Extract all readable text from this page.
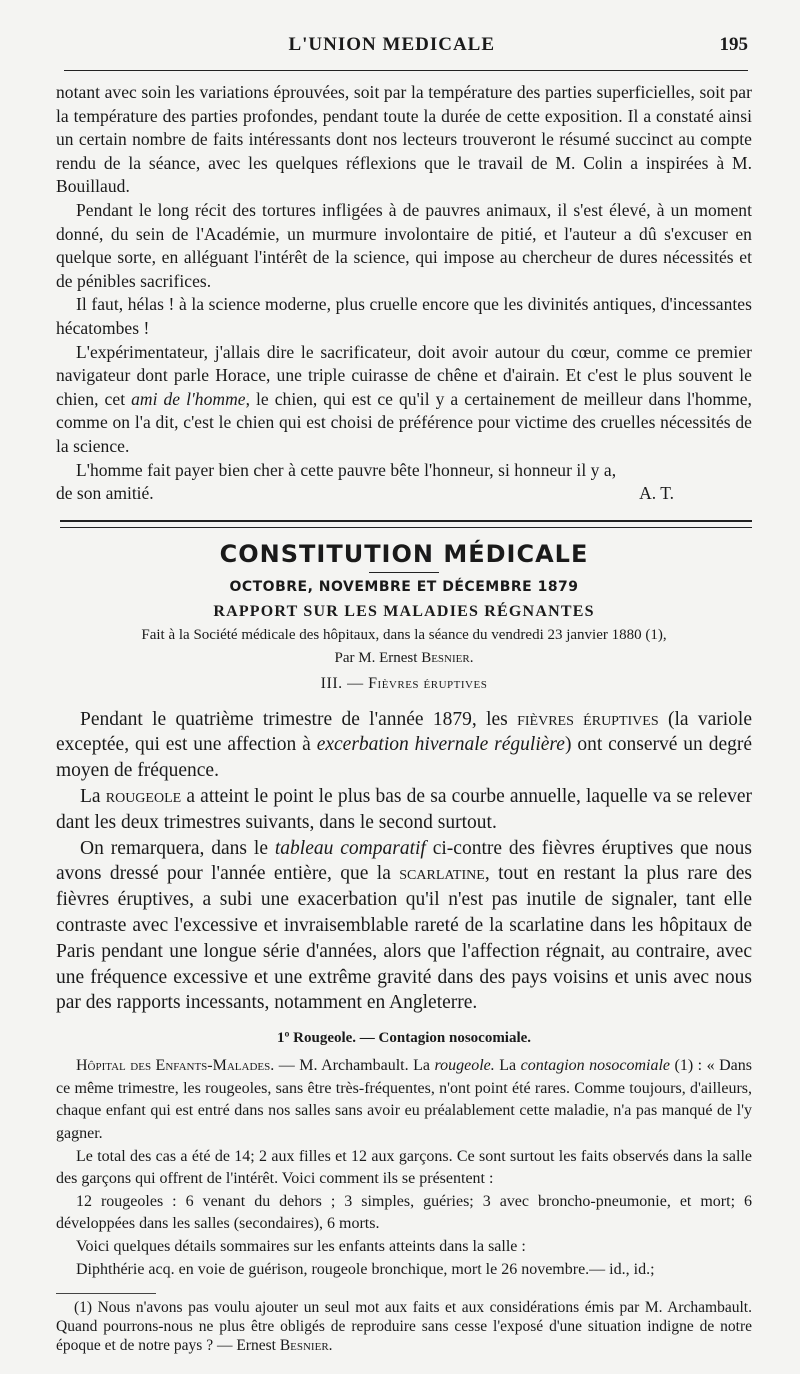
L'UNION MEDICALE	195

notant avec soin les variations éprouvées, soit par la température des parties superficielles, soit par la température des parties profondes, pendant toute la durée de cette exposition. Il a constaté ainsi un certain nombre de faits intéressants dont nos lecteurs trouveront le résumé succinct au compte rendu de la séance, avec les quelques réflexions que le travail de M. Colin a inspirées à M. Bouillaud.

Pendant le long récit des tortures infligées à de pauvres animaux, il s'est élevé, à un moment donné, du sein de l'Académie, un murmure involontaire de pitié, et l'auteur a dû s'excuser en quelque sorte, en alléguant l'intérêt de la science, qui impose au chercheur de dures nécessités et de pénibles sacrifices.

Il faut, hélas ! à la science moderne, plus cruelle encore que les divinités antiques, d'incessantes hécatombes !

L'expérimentateur, j'allais dire le sacrificateur, doit avoir autour du cœur, comme ce premier navigateur dont parle Horace, une triple cuirasse de chêne et d'airain. Et c'est le plus souvent le chien, cet ami de l'homme, le chien, qui est ce qu'il y a certainement de meilleur dans l'homme, comme on l'a dit, c'est le chien qui est choisi de préférence pour victime des cruelles nécessités de la science.

L'homme fait payer bien cher à cette pauvre bête l'honneur, si honneur il y a,

de son amitié.	A. T.
CONSTITUTION MÉDICALE
OCTOBRE, NOVEMBRE ET DÉCEMBRE 1879
RAPPORT SUR LES MALADIES RÉGNANTES
Fait à la Société médicale des hôpitaux, dans la séance du vendredi 23 janvier 1880 (1),
Par M. Ernest Besnier.
III. — Fièvres éruptives

Pendant le quatrième trimestre de l'année 1879, les fièvres éruptives (la variole exceptée, qui est une affection à excerbation hivernale régulière) ont conservé un degré moyen de fréquence.

La rougeole a atteint le point le plus bas de sa courbe annuelle, laquelle va se relever dant les deux trimestres suivants, dans le second surtout.

On remarquera, dans le tableau comparatif ci-contre des fièvres éruptives que nous avons dressé pour l'année entière, que la scarlatine, tout en restant la plus rare des fièvres éruptives, a subi une exacerbation qu'il n'est pas inutile de signaler, tant elle contraste avec l'excessive et invraisemblable rareté de la scarlatine dans les hôpitaux de Paris pendant une longue série d'années, alors que l'affection régnait, au contraire, avec une fréquence excessive et une extrême gravité dans des pays voisins et unis avec nous par des rapports incessants, notamment en Angleterre.

1º Rougeole. — Contagion nosocomiale.

Hôpital des Enfants-Malades. — M. Archambault. La rougeole. La contagion nosocomiale (1) : « Dans ce même trimestre, les rougeoles, sans être très-fréquentes, n'ont point été rares. Comme toujours, d'ailleurs, chaque enfant qui est entré dans nos salles sans avoir eu préalablement cette maladie, n'a pas manqué de l'y gagner.

Le total des cas a été de 14; 2 aux filles et 12 aux garçons. Ce sont surtout les faits observés dans la salle des garçons qui offrent de l'intérêt. Voici comment ils se présentent :

12 rougeoles : 6 venant du dehors ; 3 simples, guéries; 3 avec broncho-pneumonie, et mort; 6 développées dans les salles (secondaires), 6 morts.

Voici quelques détails sommaires sur les enfants atteints dans la salle :

Diphthérie acq. en voie de guérison, rougeole bronchique, mort le 26 novembre.— id., id.;

(1) Nous n'avons pas voulu ajouter un seul mot aux faits et aux considérations émis par M. Archambault. Quand pourrons-nous ne plus être obligés de reproduire sans cesse l'exposé d'une situation indigne de notre époque et de notre pays ? — Ernest Besnier.
